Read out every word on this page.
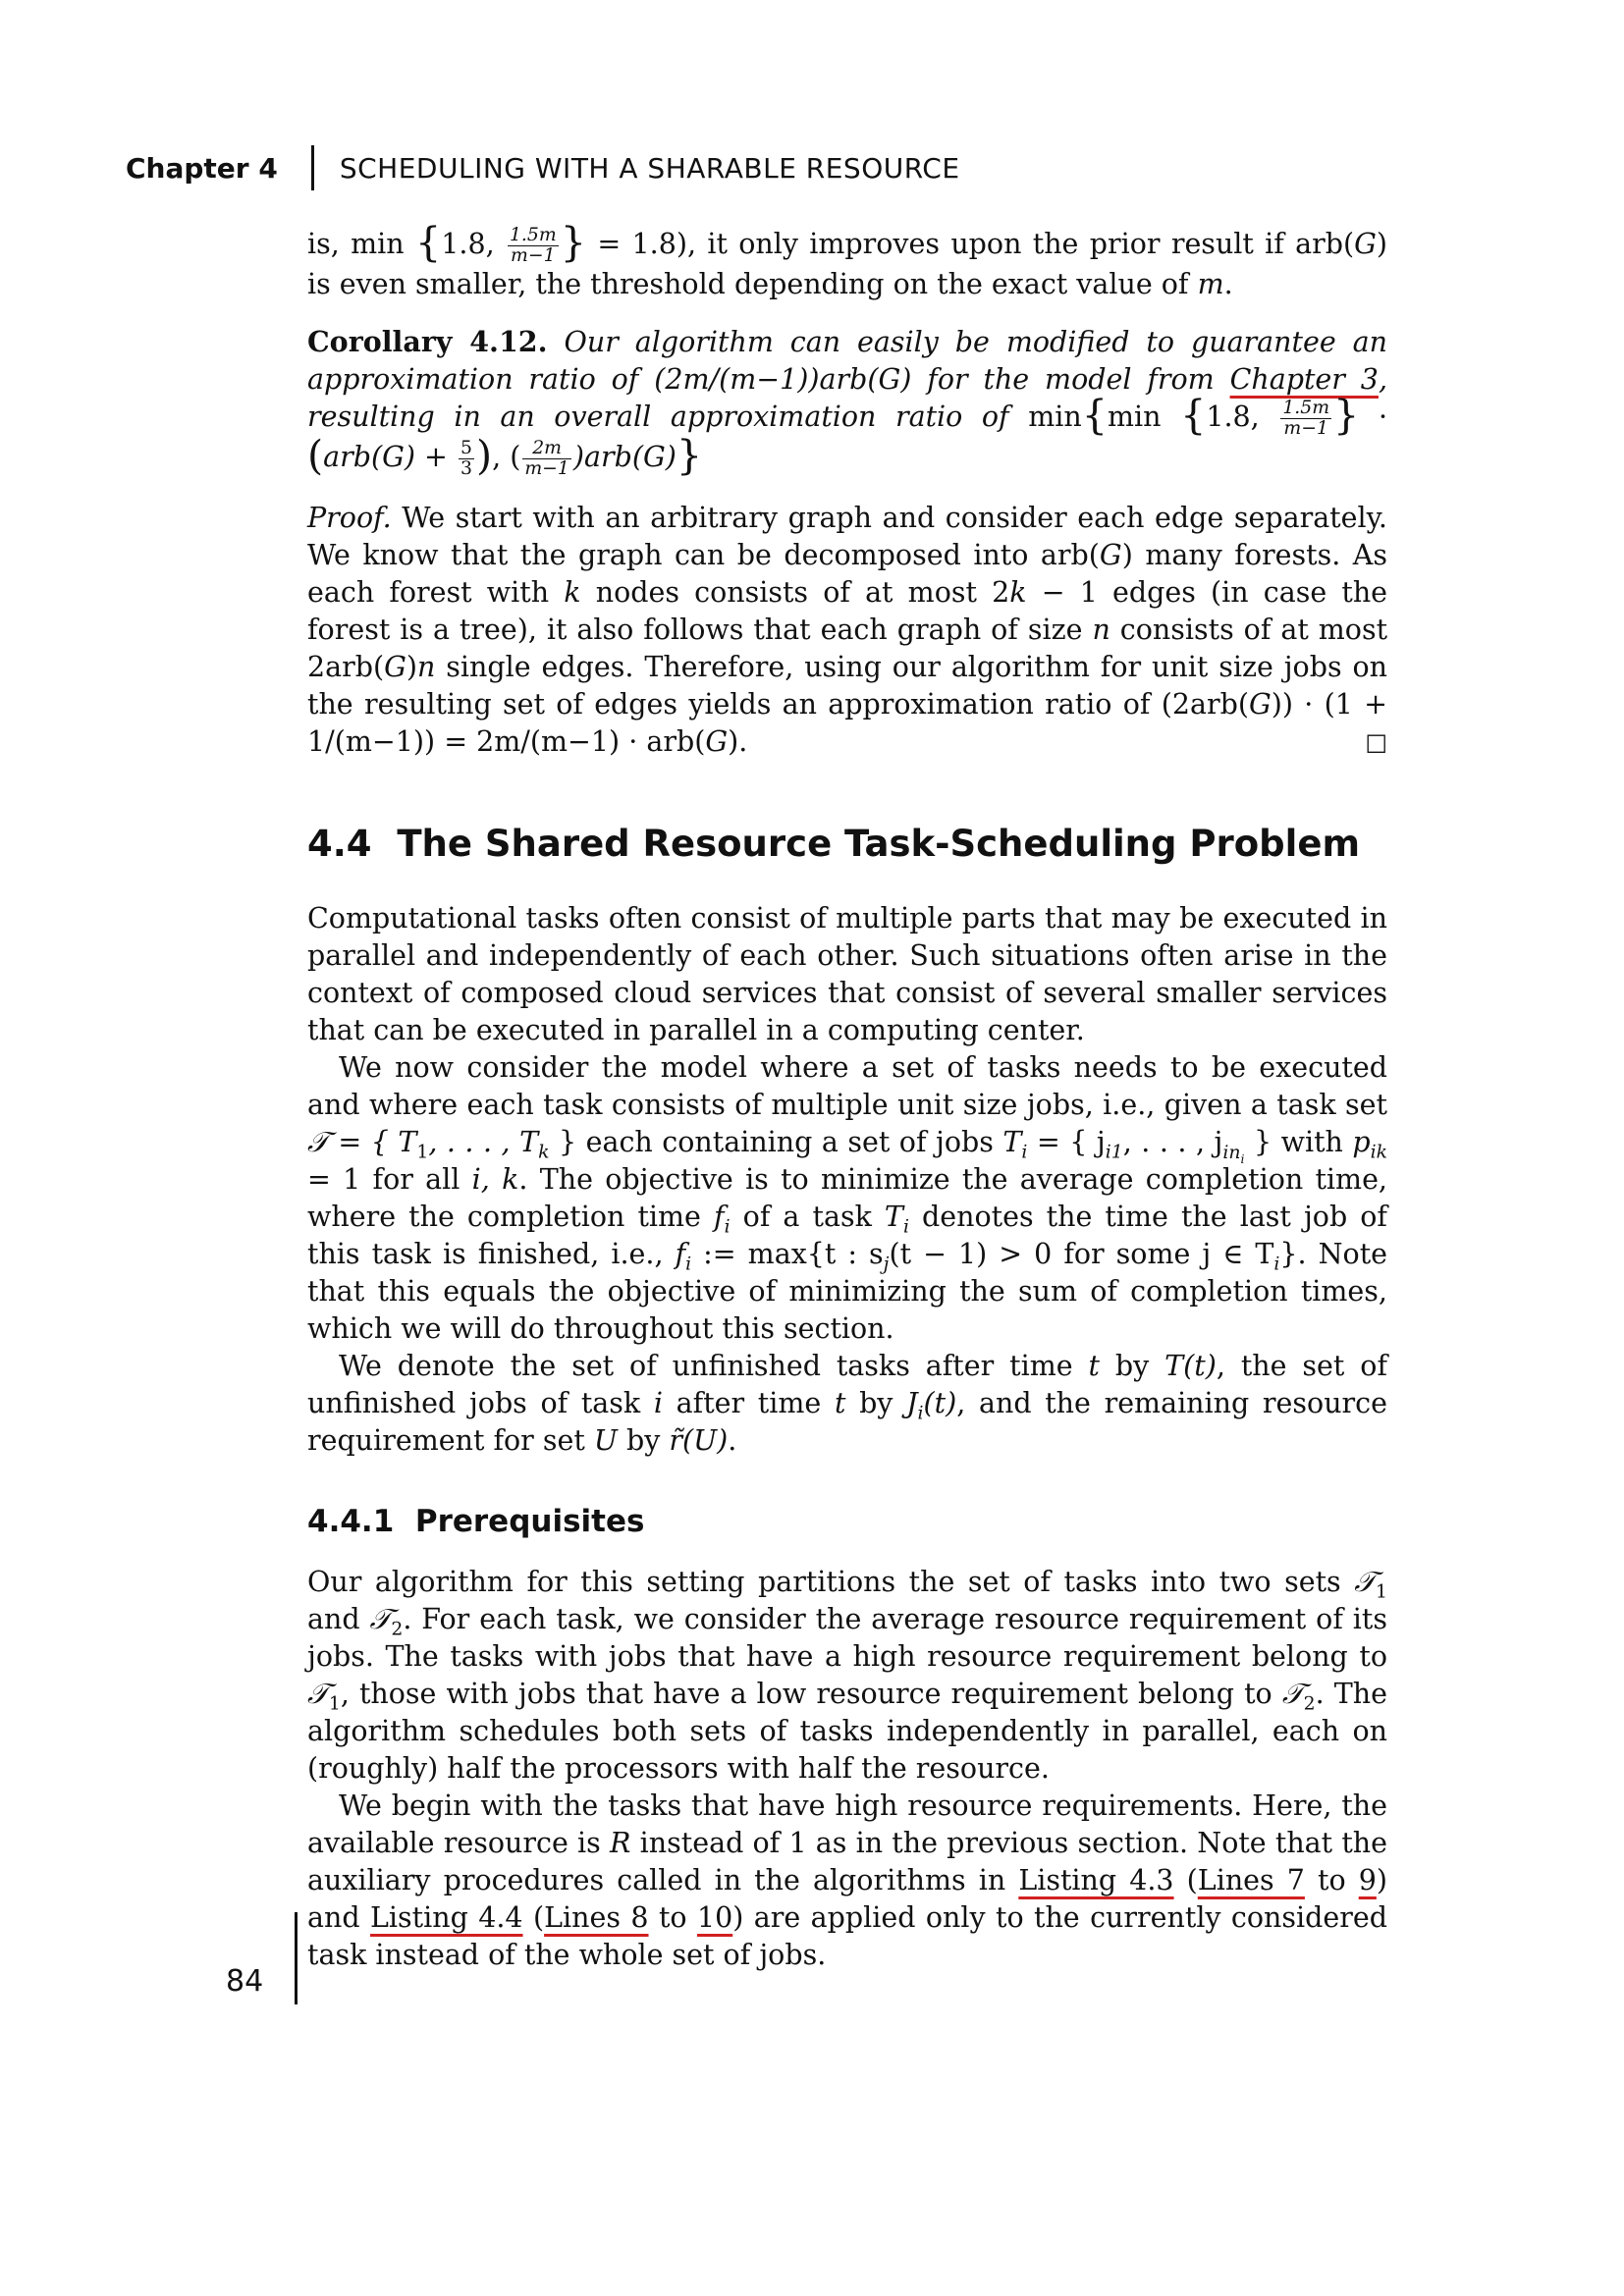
Chapter 4 SCHEDULING WITH A SHARABLE RESOURCE

is, min {1.8, $\frac{1.5m}{m-1}$ } = 1.8), it only improves upon the prior result if arb(G) is even smaller, the threshold depending on the exact value of m.

Corollary 4.12. Our algorithm can easily be modified to guarantee an approximation ratio of (2m/(m−1))arb(G) for the model from Chapter 3, resulting in an overall approximation ratio of min{min {1.8, $\frac{1.5m}{m-1}$ } · ($arb(G) + \frac{5}{3}$ ), ( $\frac{2m}{m-1} )arb(G)$}

Proof. We start with an arbitrary graph and consider each edge separately. We know that the graph can be decomposed into arb(G) many forests. As each forest with k nodes consists of at most 2k − 1 edges (in case the forest is a tree), it also follows that each graph of size n consists of at most 2arb(G)n single edges. Therefore, using our algorithm for unit size jobs on the resulting set of edges yields an approximation ratio of (2arb(G)) · (1 + 1/(m−1)) = 2m/(m−1) · arb(G).	□

4.4 The Shared Resource Task-Scheduling Problem

Computational tasks often consist of multiple parts that may be executed in parallel and independently of each other. Such situations often arise in the context of composed cloud services that consist of several smaller services that can be executed in parallel in a computing center.

We now consider the model where a set of tasks needs to be executed and where each task consists of multiple unit size jobs, i.e., given a task set 𝒯 = { $T_1$, . . . , $T_k$ } each containing a set of jobs $T_i$ = { $j_{i1}$, . . . , $j_{in_i}$ } with $p_{ik} = 1$ for all i, k. The objective is to minimize the average completion time, where the completion time $f_i$ of a task $T_i$ denotes the time the last job of this task is finished, i.e., $f_i$ := max{t : $s_j(t - 1) > 0$ for some j ∈ $T_i$}. Note that this equals the objective of minimizing the sum of completion times, which we will do throughout this section.

We denote the set of unfinished tasks after time t by T(t), the set of unfinished jobs of task i after time t by $J_i(t)$, and the remaining resource requirement for set U by r̃(U).

4.4.1 Prerequisites

Our algorithm for this setting partitions the set of tasks into two sets 𝒯$_1$ and 𝒯$_2$. For each task, we consider the average resource requirement of its jobs. The tasks with jobs that have a high resource requirement belong to 𝒯$_1$, those with jobs that have a low resource requirement belong to 𝒯$_2$. The algorithm schedules both sets of tasks independently in parallel, each on (roughly) half the processors with half the resource.

We begin with the tasks that have high resource requirements. Here, the available resource is R instead of 1 as in the previous section. Note that the auxiliary procedures called in the algorithms in Listing 4.3 (Lines 7 to 9) and Listing 4.4 (Lines 8 to 10) are applied only to the currently considered task instead of the whole set of jobs.

84
